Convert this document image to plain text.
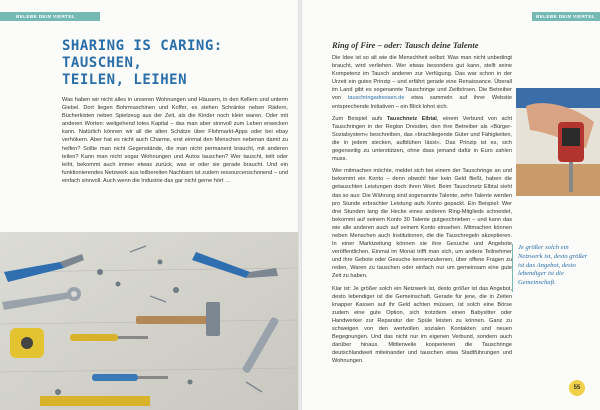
BELEBE DEIN VIERTEL
SHARING IS CARING:
TAUSCHEN,
TEILEN, LEIHEN

Was haben wir nicht alles in unseren Wohnungen und Häusern, in den Kellern und unterm Giebel. Dort liegen Bohrmaschinen und Koffer, es stehen Schränke neben Rädern, Bücherkisten neben Spielzeug aus der Zeit, als die Kinder noch klein waren. Oder mit anderen Worten: weitgehend totes Kapital – das man aber sinnvoll zum Leben erwecken kann. Natürlich können wir all die alten Schätze über Flohmarkt-Apps oder bei ebay verhökern. Aber hat es nicht auch Charme, erst einmal den Menschen nebenan damit zu helfen? Sollte man nicht Gegenstände, die man nicht permanent braucht, mit anderen teilen? Kann man nicht sogar Wohnungen und Autos tauschen? Wer tauscht, teilt oder leiht, bekommt auch immer etwas zurück, was er oder sie gerade braucht. Und ein funktionierendes Netzwerk aus teilbereiten Nachbarn ist zudem ressourcenschonend – und einfach sinnvoll. Auch wenn die Industrie das gar nicht gerne hört …

BELEBE DEIN VIERTEL
Ring of Fire – oder: Tausch deine Talente

Die Idee ist so alt wie die Menschheit selbst: Was man nicht unbedingt braucht, wird verliehen. Wer etwas besonders gut kann, stellt seine Kompetenz im Tausch anderen zur Verfügung. Das war schon in der Urzeit ein gutes Prinzip – und erfährt gerade eine Renaissance. Überall im Land gibt es sogenannte Tauschringe und Zeitbörsen. Die Betreiber von tauschringadressen.de etwa sammeln auf ihrer Website entsprechende Initiativen – ein Blick lohnt sich.

Zum Beispiel aufs Tauschnetz Elbtal, einem Verbund von acht Tauschringen in der Region Dresden, den ihre Betreiber als »Bürger-Sozialsystem« beschreiben, das »brachliegende Güter und Fähigkeiten, die in jedem stecken, aufblühen lässt«. Das Prinzip ist es, sich gegenseitig zu unterstützen, ohne dass jemand dafür in Euro zahlen muss.

Wer mitmachen möchte, meldet sich bei einem der Tauschringe an und bekommt ein Konto – denn obwohl hier kein Geld fließt, haben die getauschten Leistungen doch ihren Wert. Beim Tauschnetz Elbtal sieht das so aus: Die Währung sind sogenannte Talente, zehn Talente werden pro Stunde erbrachter Leistung aufs Konto gepackt. Ein Beispiel: Wer drei Stunden lang die Hecke eines anderen Ring-Mitglieds schneidet, bekommt auf seinem Konto 30 Talente gutgeschrieben – und kann das wie alle anderen auch auf seinem Konto einsehen. Mitmachen können neben Menschen auch Institutionen, die die Tauschregeln akzeptieren. In einer Marktzeitung können sie ihre Gesuche und Angebote veröffentlichen. Einmal im Monat trifft man sich, um andere Teilnehmer und ihre Gebote oder Gesuche kennenzulernen, über offene Fragen zu reden, Waren zu tauschen oder einfach nur um gemeinsam eine gute Zeit zu haben.

Klar ist: Je größer solch ein Netzwerk ist, desto größer ist das Angebot, desto lebendiger ist die Gemeinschaft. Gerade für jene, die in Zeiten knapper Kassen auf ihr Geld achten müssen, ist solch eine Börse zudem eine gute Option, sich trotzdem einen Babysitter oder Handwerker zur Reparatur der Spüle leisten zu können. Ganz zu schweigen von den wertvollen sozialen Kontakten und neuen Begegnungen. Und das nicht nur im eigenen Verbund, sondern auch darüber hinaus. Mittlerweile kooperieren die Tauschringe deutschlandweit miteinander und tauschen etwa Stadtführungen und Wohnungen.

Je größer solch ein Netzwerk ist, desto größer ist das Angebot, desto lebendiger ist die Gemeinschaft.

55
